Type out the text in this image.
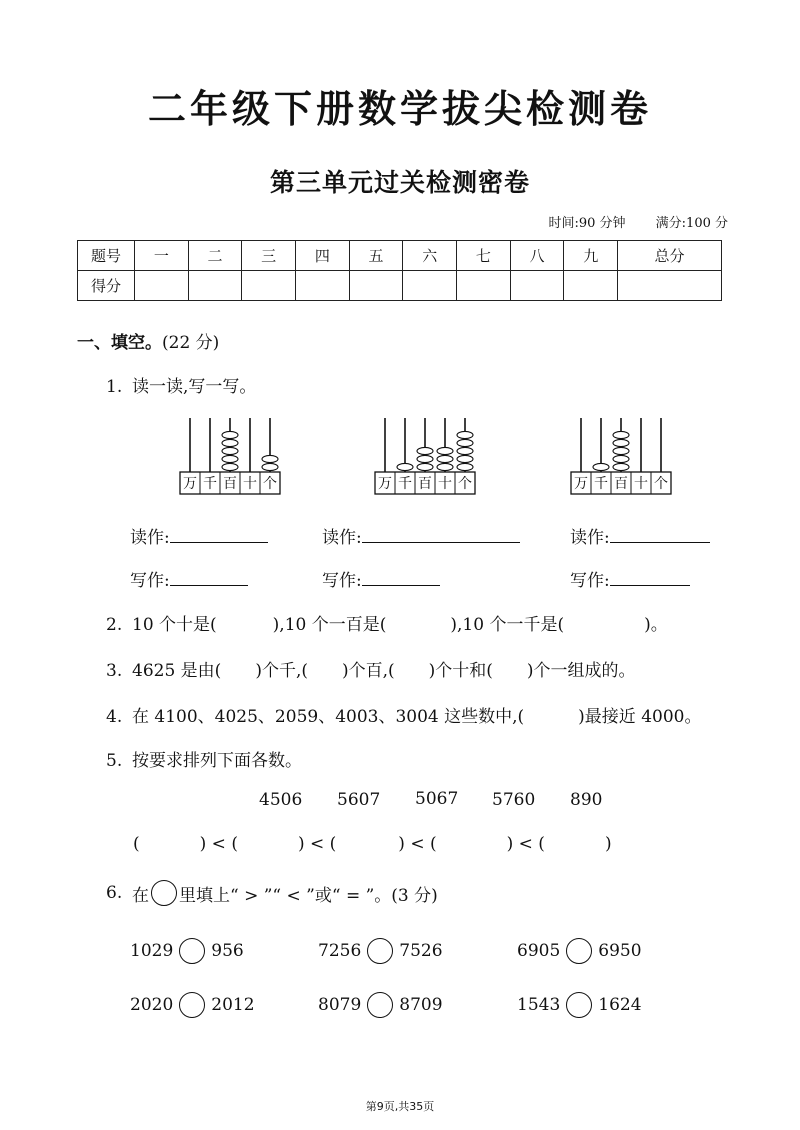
二年级下册数学拔尖检测卷
第三单元过关检测密卷
时间:90 分钟 满分:100 分
题号	一	二	三	四	五	六	七	八	九	总分
得分										
一、填空。(22 分)
1. 读一读,写一写。
万 千 百 十 个	万 千 百 十 个	万 千 百 十 个
读作:	读作:	读作:
写作:	写作:	写作:
2. 10 个十是(	),10 个一百是(	),10 个一千是(	)。
3. 4625 是由( )个千,( )个百,( )个十和( )个一组成的。
4. 在 4100、4025、2059、4003、3004 这些数中,(	)最接近 4000。
5. 按要求排列下面各数。
4506 5607 5067 5760 890
(	) < (	) < (	) < (	) < (	)
6. 在 里填上“ > ”“ < ”或“ = ”。(3 分)
1029 956	7256 7526	6905 6950
2020 2012	8079 8709	1543 1624
第9页,共35页
